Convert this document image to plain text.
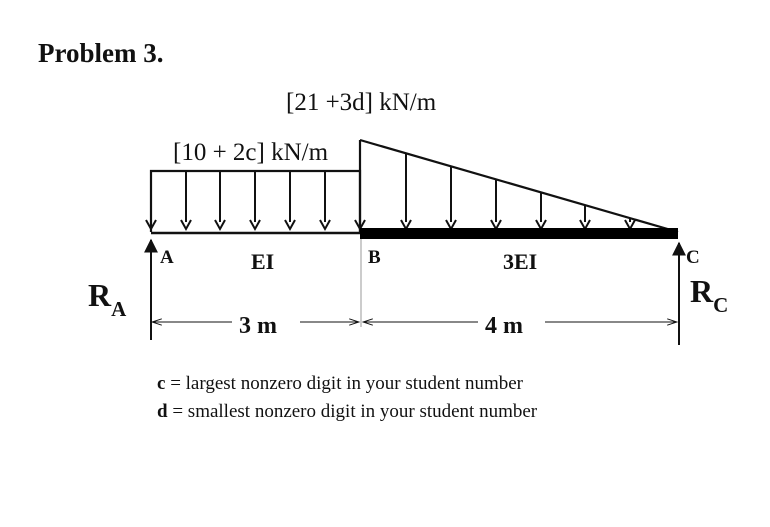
Problem 3.
[10 + 2c] kN/m
[21 +3d] kN/m
A	B	C
EI	3EI
RA	RC
3 m	4 m
c = largest nonzero digit in your student number
d = smallest nonzero digit in your student number
